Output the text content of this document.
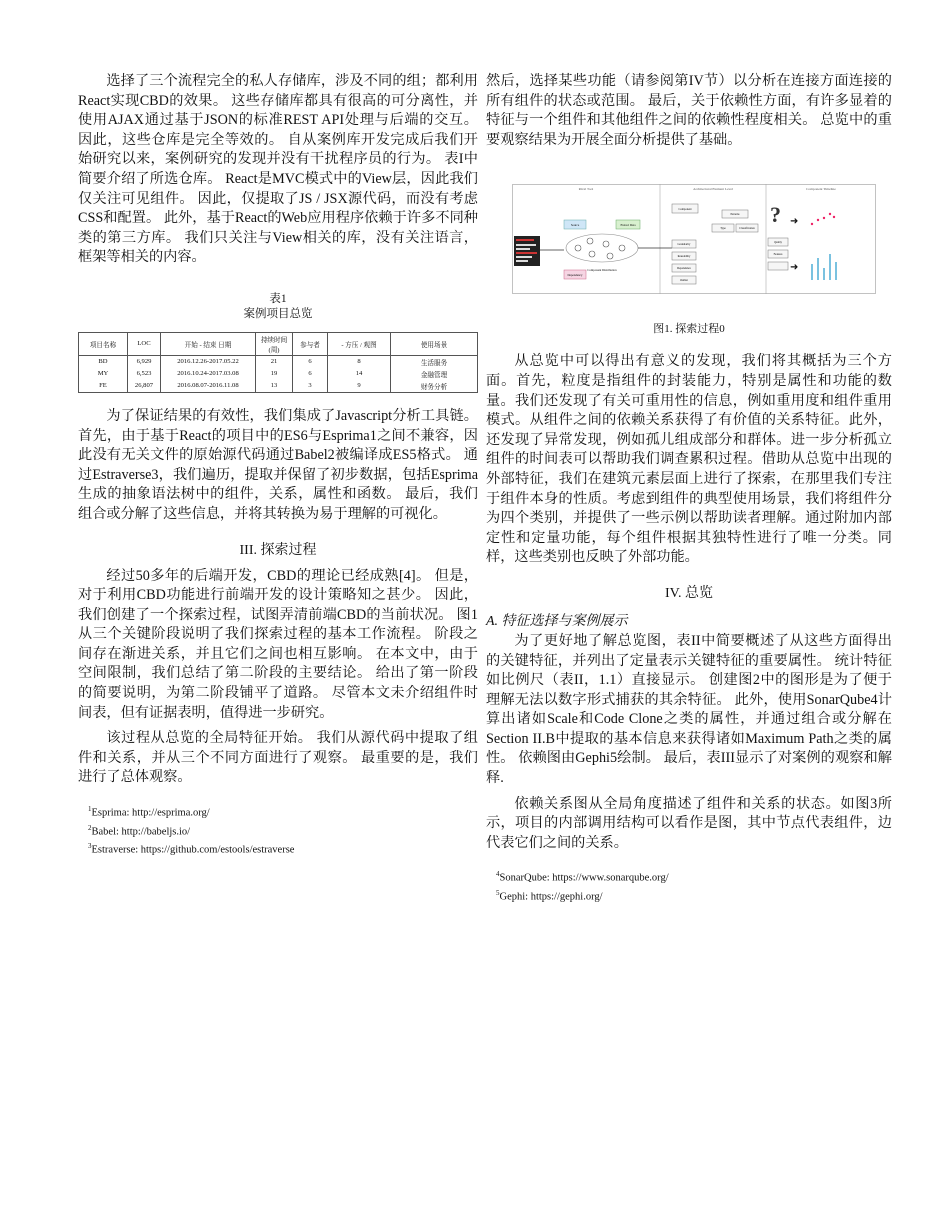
选择了三个流程完全的私人存储库，涉及不同的组；都利用React实现CBD的效果。 这些存储库都具有很高的可分离性，并使用AJAX通过基于JSON的标准REST API处理与后端的交互。 因此，这些仓库是完全等效的。 自从案例库开发完成后我们开始研究以来，案例研究的发现并没有干扰程序员的行为。 表I中简要介绍了所选仓库。 React是MVC模式中的View层，因此我们仅关注可见组件。 因此，仅提取了JS / JSX源代码，而没有考虑CSS和配置。 此外，基于React的Web应用程序依赖于许多不同种类的第三方库。 我们只关注与View相关的库，没有关注语言，框架等相关的内容。

表1
案例项目总览
项目名称	LOC	开始 - 结束 日期	持续时间 (周)	参与者	- 方压 / 观图	使用场景
BD	6,929	2016.12.26-2017.05.22	21	6	8	生活服务
MY	6,523	2016.10.24-2017.03.08	19	6	14	金融管理
FE	26,807	2016.08.07-2016.11.08	13	3	9	财务分析

为了保证结果的有效性，我们集成了Javascript分析工具链。 首先，由于基于React的项目中的ES6与Esprima1之间不兼容，因此没有无关文件的原始源代码通过Babel2被编译成ES5格式。 通过Estraverse3，我们遍历，提取并保留了初步数据，包括Esprima生成的抽象语法树中的组件，关系，属性和函数。 最后，我们组合或分解了这些信息，并将其转换为易于理解的可视化。

III. 探索过程

经过50多年的后端开发，CBD的理论已经成熟[4]。 但是，对于利用CBD功能进行前端开发的设计策略知之甚少。 因此，我们创建了一个探索过程，试图弄清前端CBD的当前状况。 图1从三个关键阶段说明了我们探索过程的基本工作流程。 阶段之间存在渐进关系，并且它们之间也相互影响。 在本文中，由于空间限制，我们总结了第二阶段的主要结论。 给出了第一阶段的简要说明，为第二阶段铺平了道路。 尽管本文未介绍组件时间表，但有证据表明，值得进一步研究。

该过程从总览的全局特征开始。 我们从源代码中提取了组件和关系，并从三个不同方面进行了观察。 最重要的是，我们进行了总体观察。

$^1$Esprima: http://esprima.org/
$^2$Babel: http://babeljs.io/
$^3$Estraverse: https://github.com/estools/estraverse

然后，选择某些功能（请参阅第IV节）以分析在连接方面连接的所有组件的状态或范围。 最后，关于依赖性方面，有许多显着的特征与一个组件和其他组件之间的依赖性程度相关。 总览中的重要观察结果为开展全面分析提供了基础。

Rival Tool	Architectural Element Level	Component Timeline
Source	Extract Data
Dependency
Component Distribution
Component
Granularity
Reusability
Dependence
Outlier
Type	Classification
Patterns ? ➜
➜
Quality
Features
图1. 探索过程0

从总览中可以得出有意义的发现，我们将其概括为三个方面。首先，粒度是指组件的封装能力，特别是属性和功能的数量。我们还发现了有关可重用性的信息，例如重用度和组件重用模式。从组件之间的依赖关系获得了有价值的关系特征。此外，还发现了异常发现，例如孤儿组成部分和群体。进一步分析孤立组件的时间表可以帮助我们调查累积过程。借助从总览中出现的外部特征，我们在建筑元素层面上进行了探索，在那里我们专注于组件本身的性质。考虑到组件的典型使用场景，我们将组件分为四个类别，并提供了一些示例以帮助读者理解。通过附加内部定性和定量功能，每个组件根据其独特性进行了唯一分类。同样，这些类别也反映了外部功能。

IV. 总览
A. 特征选择与案例展示

为了更好地了解总览图，表II中简要概述了从这些方面得出的关键特征，并列出了定量表示关键特征的重要属性。 统计特征如比例尺（表II，1.1）直接显示。 创建图2中的图形是为了便于理解无法以数字形式捕获的其余特征。 此外，使用SonarQube4计算出诸如Scale和Code Clone之类的属性，并通过组合或分解在Section II.B中提取的基本信息来获得诸如Maximum Path之类的属性。 依赖图由Gephi5绘制。 最后，表III显示了对案例的观察和解释.

依赖关系图从全局角度描述了组件和关系的状态。如图3所示，项目的内部调用结构可以看作是图，其中节点代表组件，边代表它们之间的关系。

$^4$SonarQube: https://www.sonarqube.org/
$^5$Gephi: https://gephi.org/
